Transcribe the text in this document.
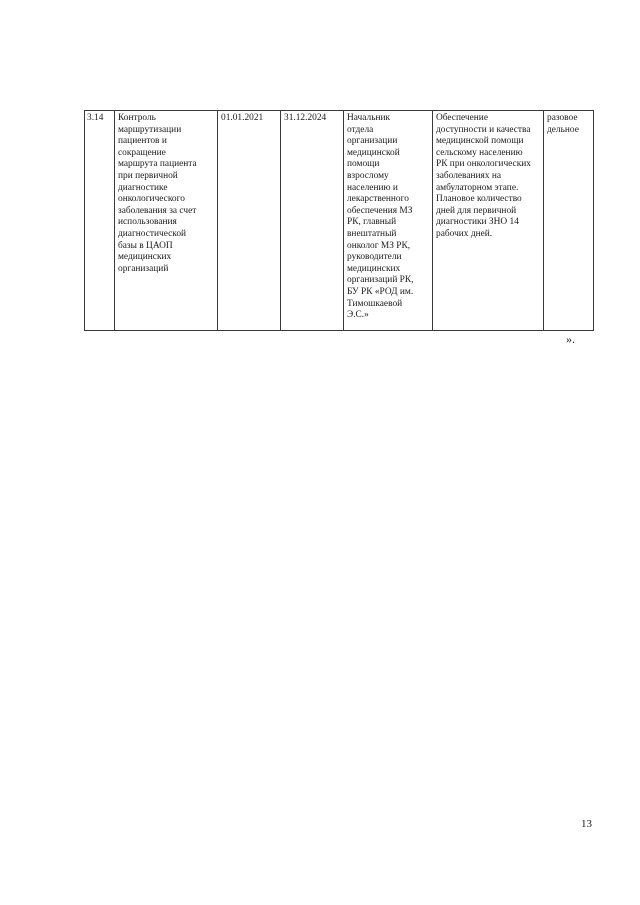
3.14	Контроль
маршрутизации
пациентов и
сокращение
маршрута пациента
при первичной
диагностике
онкологического
заболевания за счет
использования
диагностической
базы в ЦАОП
медицинских
организаций	01.01.2021	31.12.2024	Начальник
отдела
организации
медицинской
помощи
взрослому
населению и
лекарственного
обеспечения МЗ
РК, главный
внештатный
онколог МЗ РК,
руководители
медицинских
организаций РК,
БУ РК «РОД им.
Тимошкаевой
Э.С.»	Обеспечение
доступности и качества
медицинской помощи
сельскому населению
РК при онкологических
заболеваниях на
амбулаторном этапе.
Плановое количество
дней для первичной
диагностики ЗНО 14
рабочих дней.	разовое
дельное
».
13
